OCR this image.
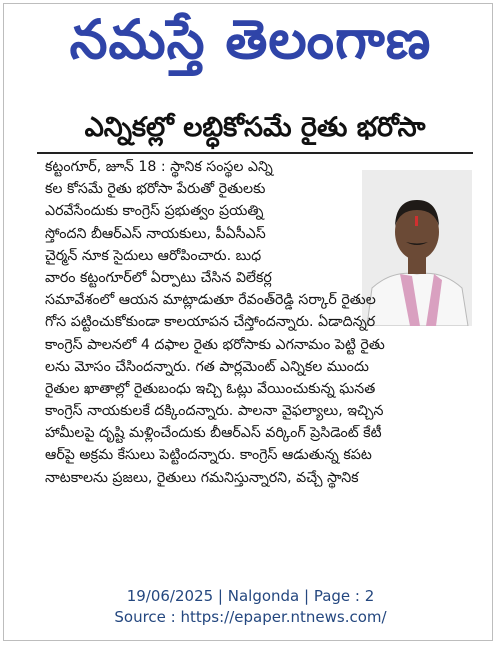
నమస్తే తెలంగాణ
ఎన్నికల్లో లబ్ధికోసమే రైతు భరోసా
కట్టంగూర్, జూన్ 18 : స్థానిక సంస్థల ఎన్ని
కల కోసమే రైతు భరోసా పేరుతో రైతులకు
ఎరవేసేందుకు కాంగ్రెస్ ప్రభుత్వం ప్రయత్ని
స్తోందని బీఆర్ఎస్ నాయకులు, పీఏసీఎస్
చైర్మన్ నూక సైదులు ఆరోపించారు. బుధ
వారం కట్టంగూర్‌లో ఏర్పాటు చేసిన విలేకర్ల
సమావేశంలో ఆయన మాట్లాడుతూ రేవంత్‌రెడ్డి సర్కార్ రైతుల
గోస పట్టించుకోకుండా కాలయాపన చేస్తోందన్నారు. ఏడాదిన్నర
కాంగ్రెస్ పాలనలో 4 దఫాల రైతు భరోసాకు ఎగనామం పెట్టి రైతు
లను మోసం చేసిందన్నారు. గత పార్లమెంట్ ఎన్నికల ముందు
రైతుల ఖాతాల్లో రైతుబంధు ఇచ్చి ఓట్లు వేయించుకున్న ఘనత
కాంగ్రెస్ నాయకులకే దక్కిందన్నారు. పాలనా వైఫల్యాలు, ఇచ్చిన
హామీలపై దృష్టి మళ్లించేందుకు బీఆర్ఎస్ వర్కింగ్ ప్రెసిడెంట్ కేటీ
ఆర్‌పై అక్రమ కేసులు పెట్టిందన్నారు. కాంగ్రెస్ ఆడుతున్న కపట
నాటకాలను ప్రజలు, రైతులు గమనిస్తున్నారని, వచ్చే స్థానిక
19/06/2025 | Nalgonda | Page : 2
Source : https://epaper.ntnews.com/
